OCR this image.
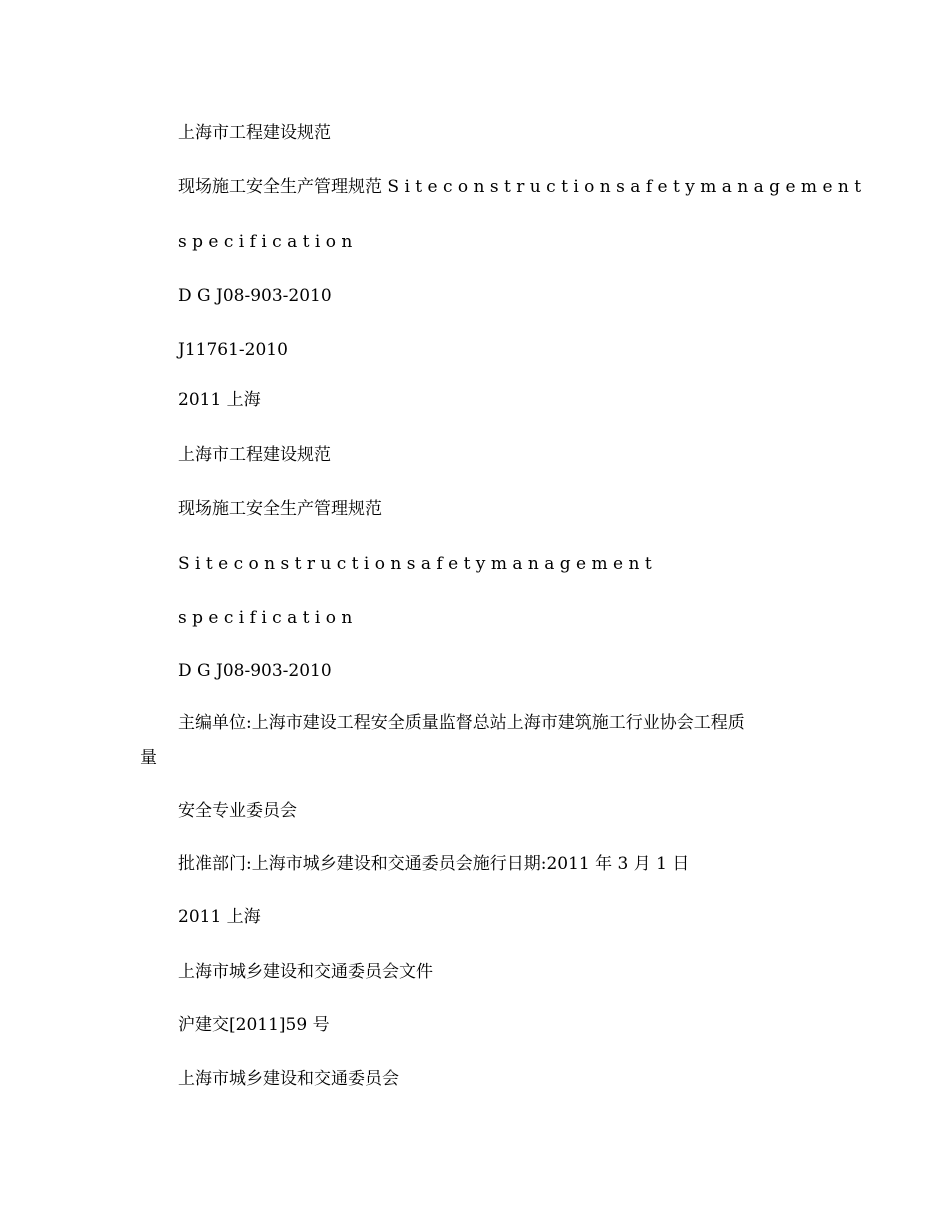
上海市工程建设规范

现场施工安全生产管理规范 S i t e c o n s t r u c t i o n s a f e t y m a n a g e m e n t

s p e c i f i c a t i o n

D G J08-903-2010

J11761-2010

2011 上海

上海市工程建设规范

现场施工安全生产管理规范

S i t e c o n s t r u c t i o n s a f e t y m a n a g e m e n t

s p e c i f i c a t i o n

D G J08-903-2010

主编单位:上海市建设工程安全质量监督总站上海市建筑施工行业协会工程质

量

安全专业委员会

批准部门:上海市城乡建设和交通委员会施行日期:2011 年 3 月 1 日

2011 上海

上海市城乡建设和交通委员会文件

沪建交[2011]59 号

上海市城乡建设和交通委员会
